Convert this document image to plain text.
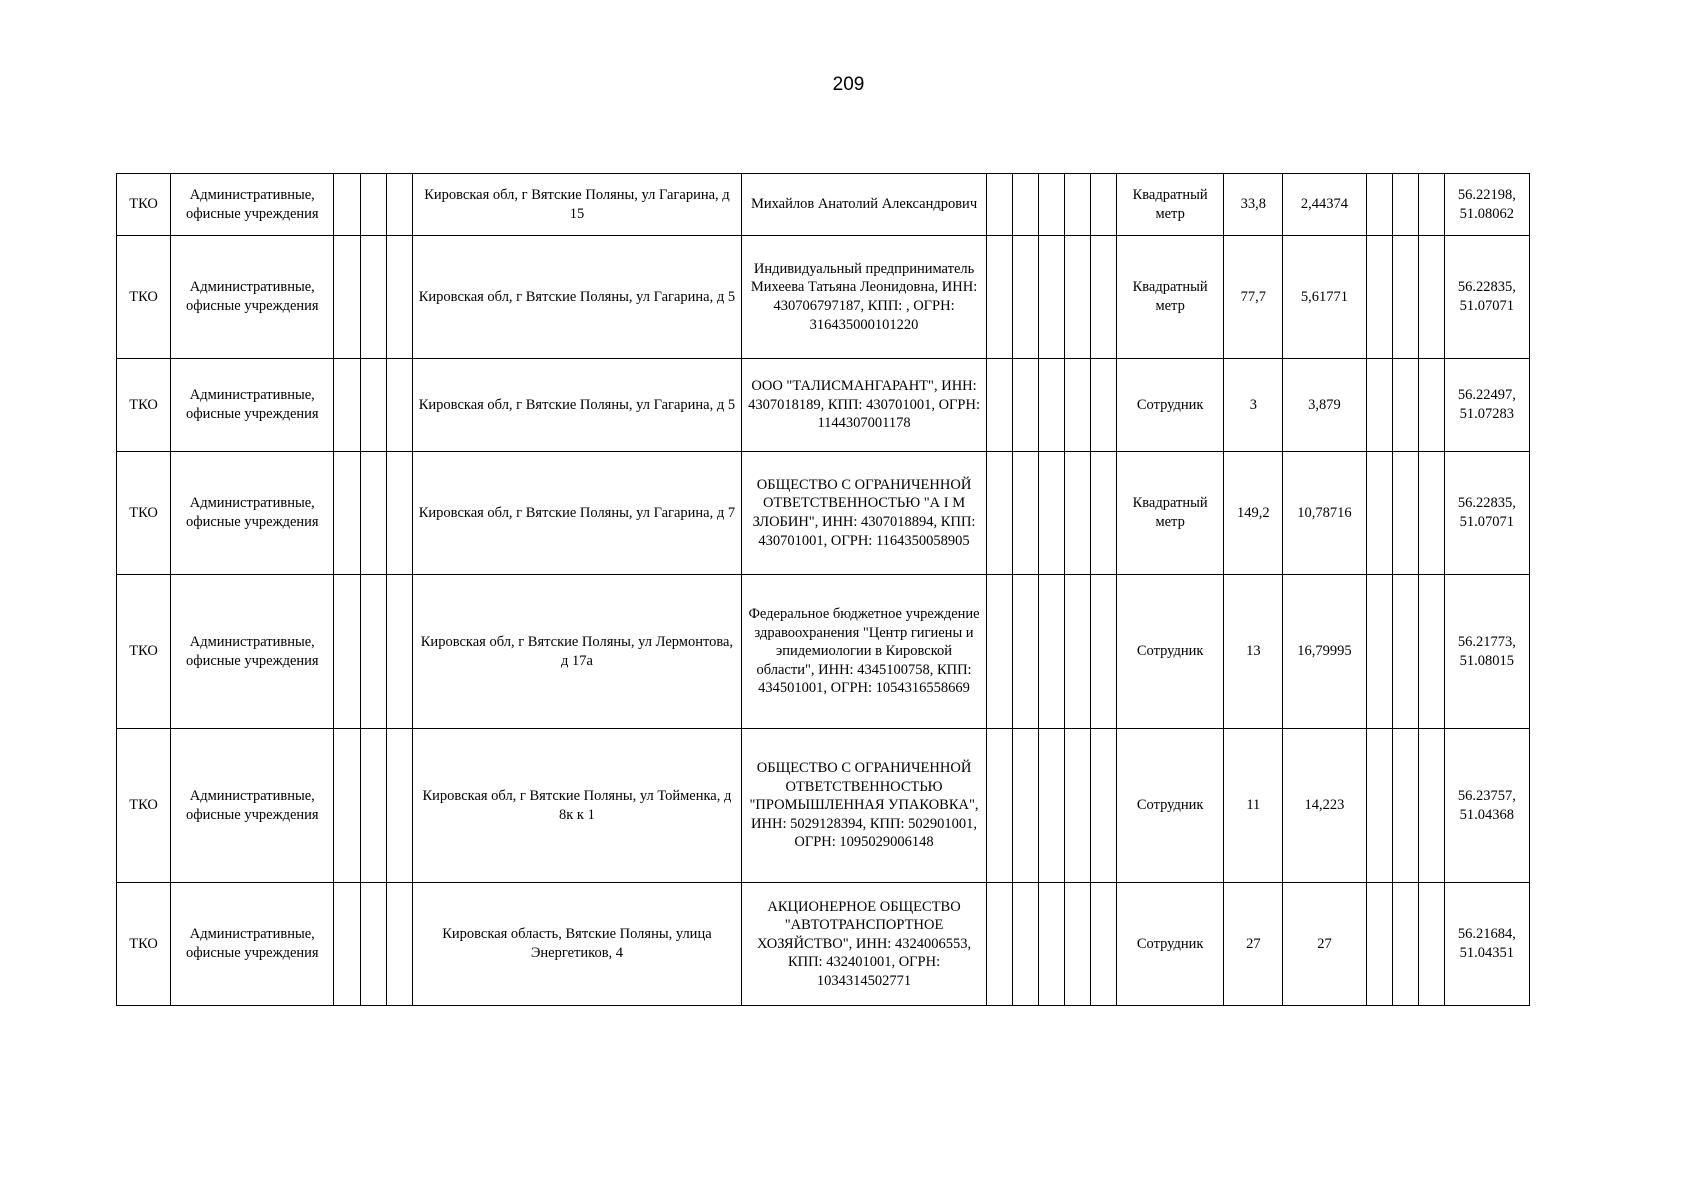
209
ТКО	Административные, офисные учреждения				Кировская обл, г Вятские Поляны, ул Гагарина, д 15	Михайлов Анатолий Александрович						Квадратный метр	33,8	2,44374				56.22198, 51.08062
ТКО	Административные, офисные учреждения				Кировская обл, г Вятские Поляны, ул Гагарина, д 5	Индивидуальный предприниматель Михеева Татьяна Леонидовна, ИНН: 430706797187, КПП: , ОГРН: 316435000101220						Квадратный метр	77,7	5,61771				56.22835, 51.07071
ТКО	Административные, офисные учреждения				Кировская обл, г Вятские Поляны, ул Гагарина, д 5	ООО "ТАЛИСМАНГАРАНТ", ИНН: 4307018189, КПП: 430701001, ОГРН: 1144307001178						Сотрудник	3	3,879				56.22497, 51.07283
ТКО	Административные, офисные учреждения				Кировская обл, г Вятские Поляны, ул Гагарина, д 7	ОБЩЕСТВО С ОГРАНИЧЕННОЙ ОТВЕТСТВЕННОСТЬЮ "А I М ЗЛОБИН", ИНН: 4307018894, КПП: 430701001, ОГРН: 1164350058905						Квадратный метр	149,2	10,78716				56.22835, 51.07071
ТКО	Административные, офисные учреждения				Кировская обл, г Вятские Поляны, ул Лермонтова, д 17а	Федеральное бюджетное учреждение здравоохранения "Центр гигиены и эпидемиологии в Кировской области", ИНН: 4345100758, КПП: 434501001, ОГРН: 1054316558669						Сотрудник	13	16,79995				56.21773, 51.08015
ТКО	Административные, офисные учреждения				Кировская обл, г Вятские Поляны, ул Тойменка, д 8к к 1	ОБЩЕСТВО С ОГРАНИЧЕННОЙ ОТВЕТСТВЕННОСТЬЮ "ПРОМЫШЛЕННАЯ УПАКОВКА", ИНН: 5029128394, КПП: 502901001, ОГРН: 1095029006148						Сотрудник	11	14,223				56.23757, 51.04368
ТКО	Административные, офисные учреждения				Кировская область, Вятские Поляны, улица Энергетиков, 4	АКЦИОНЕРНОЕ ОБЩЕСТВО "АВТОТРАНСПОРТНОЕ ХОЗЯЙСТВО", ИНН: 4324006553, КПП: 432401001, ОГРН: 1034314502771						Сотрудник	27	27				56.21684, 51.04351
